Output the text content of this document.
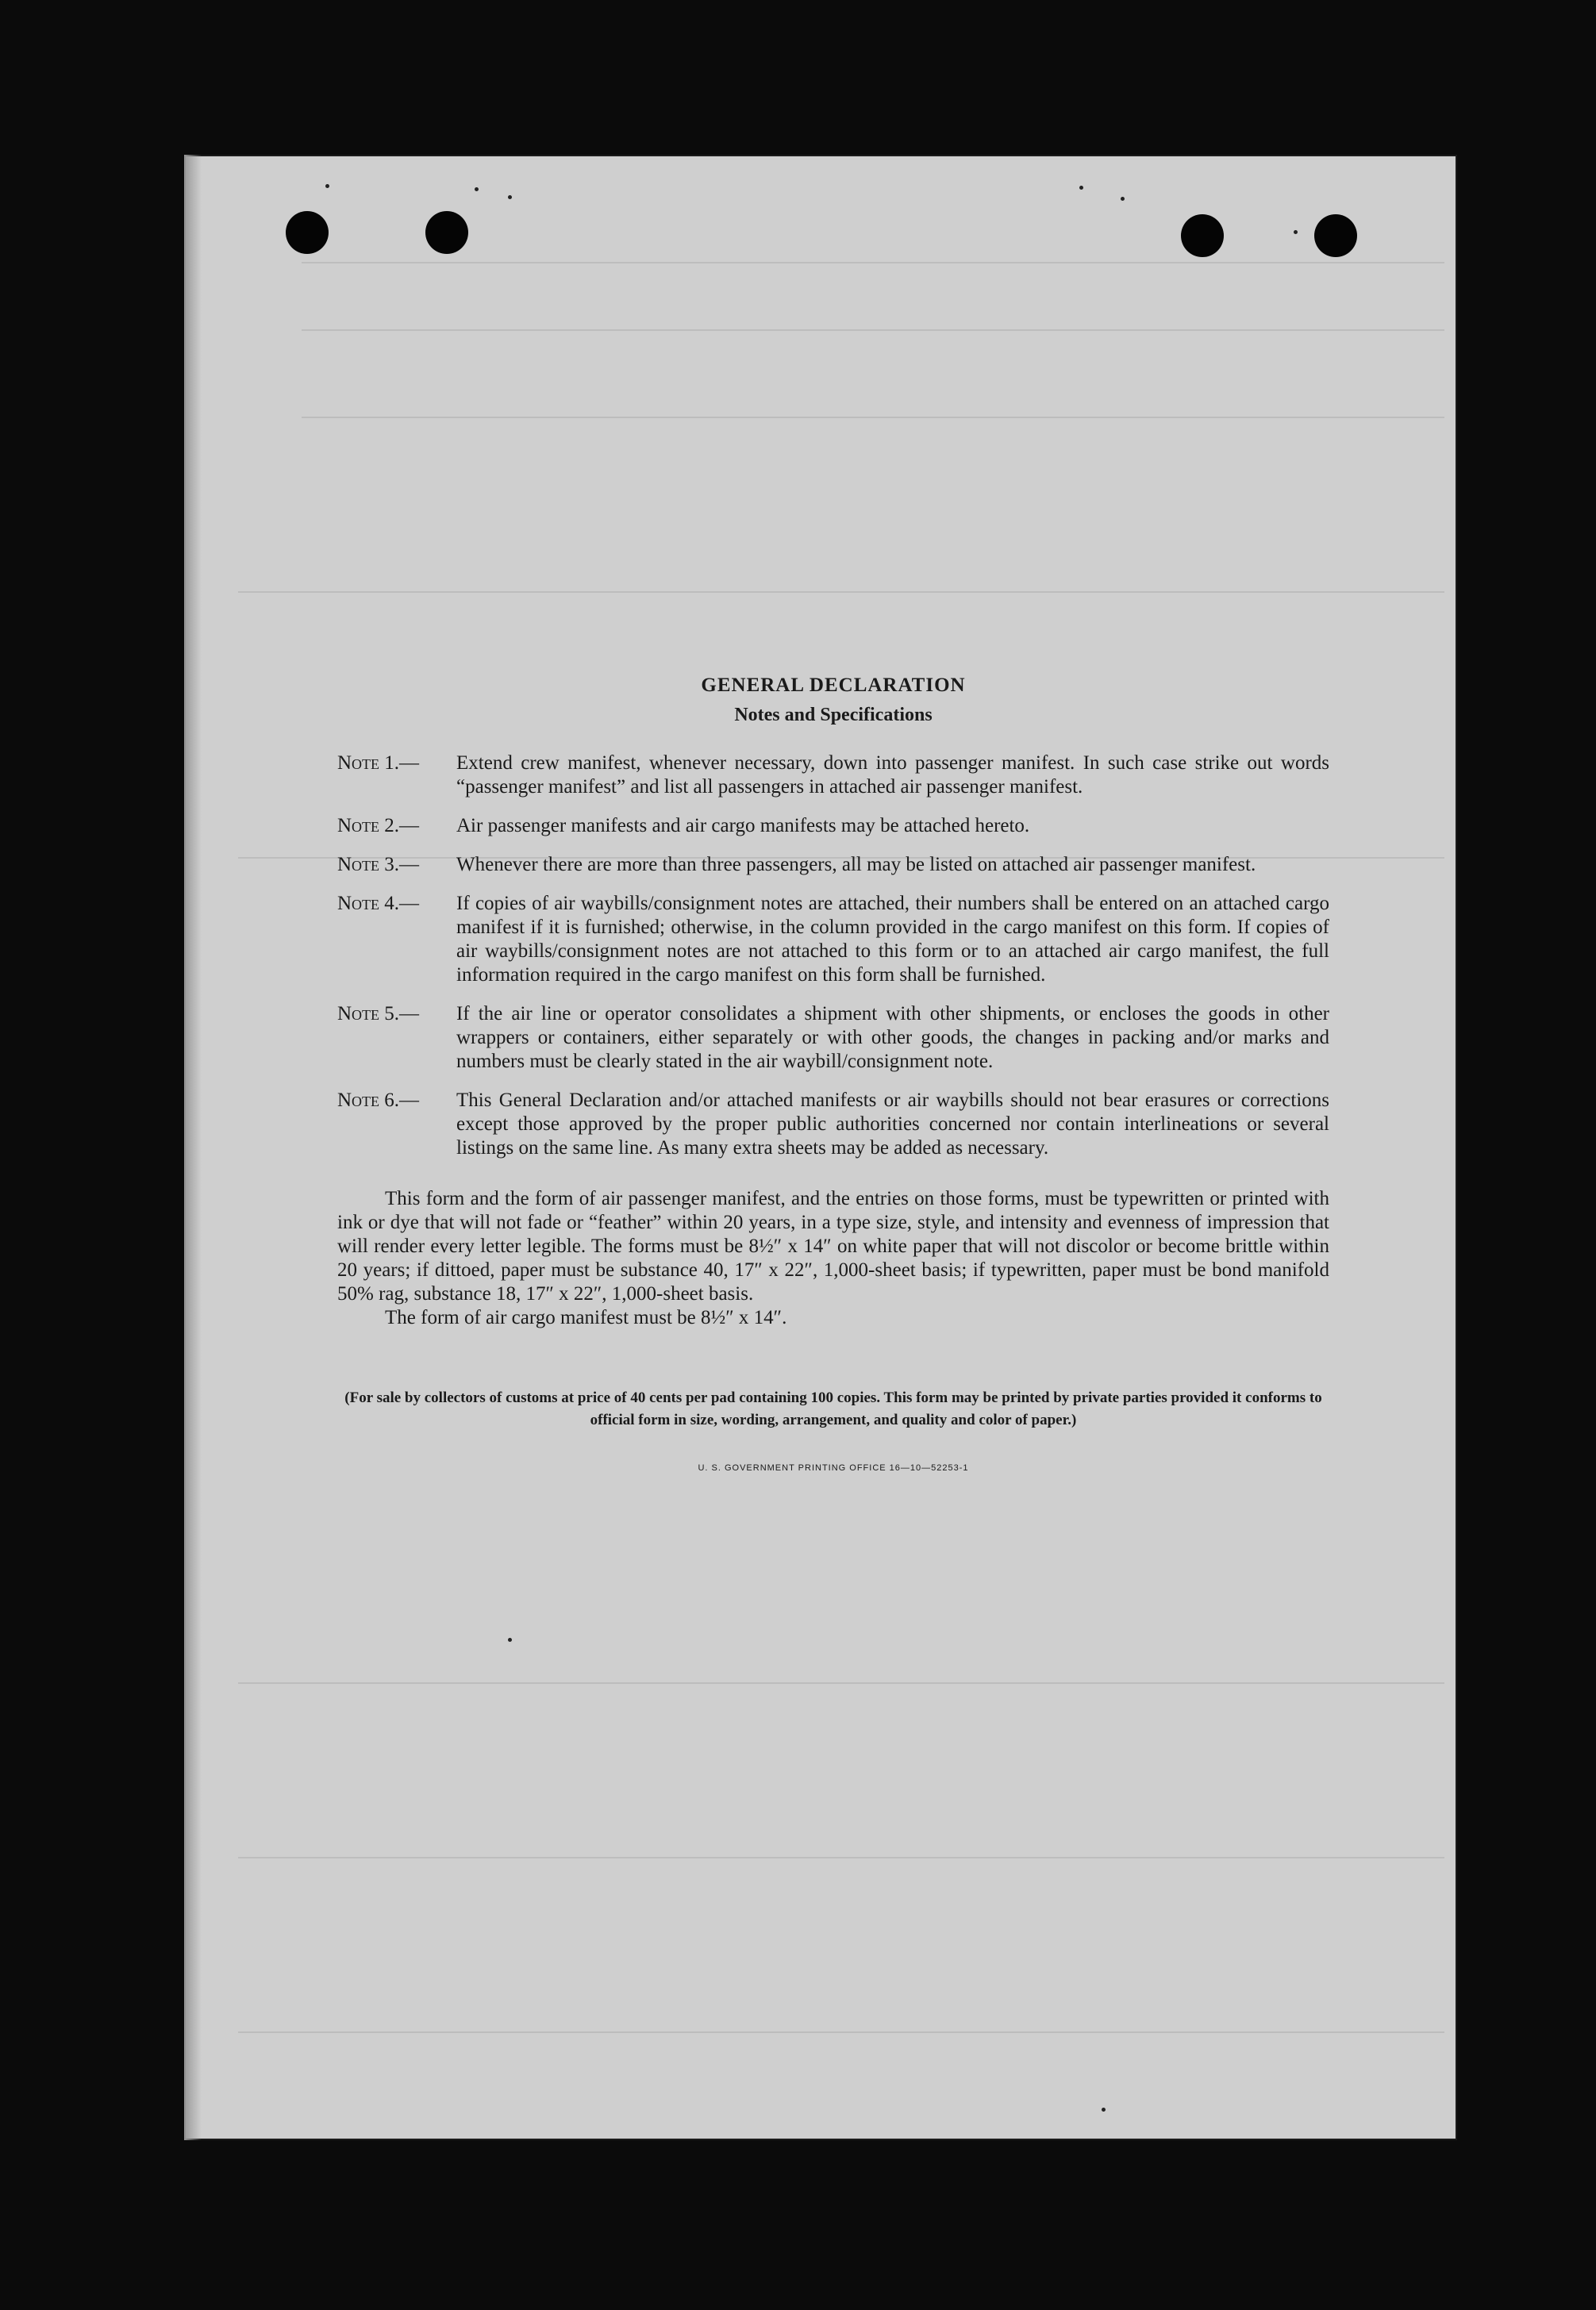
GENERAL DECLARATION
Notes and Specifications
Note 1.— Extend crew manifest, whenever necessary, down into passenger manifest. In such case strike out words “passenger manifest” and list all passengers in attached air passenger manifest.
Note 2.— Air passenger manifests and air cargo manifests may be attached hereto.
Note 3.— Whenever there are more than three passengers, all may be listed on attached air passenger manifest.
Note 4.— If copies of air waybills/consignment notes are attached, their numbers shall be entered on an attached cargo manifest if it is furnished; otherwise, in the column provided in the cargo manifest on this form. If copies of air waybills/consignment notes are not attached to this form or to an attached air cargo manifest, the full information required in the cargo manifest on this form shall be furnished.
Note 5.— If the air line or operator consolidates a shipment with other shipments, or encloses the goods in other wrappers or containers, either separately or with other goods, the changes in packing and/or marks and numbers must be clearly stated in the air waybill/consignment note.
Note 6.— This General Declaration and/or attached manifests or air waybills should not bear erasures or corrections except those approved by the proper public authorities concerned nor contain interlineations or several listings on the same line. As many extra sheets may be added as necessary.
This form and the form of air passenger manifest, and the entries on those forms, must be typewritten or printed with ink or dye that will not fade or “feather” within 20 years, in a type size, style, and intensity and evenness of impression that will render every letter legible. The forms must be 8½″ x 14″ on white paper that will not discolor or become brittle within 20 years; if dittoed, paper must be substance 40, 17″ x 22″, 1,000-sheet basis; if typewritten, paper must be bond manifold 50% rag, substance 18, 17″ x 22″, 1,000-sheet basis.
The form of air cargo manifest must be 8½″ x 14″.
(For sale by collectors of customs at price of 40 cents per pad containing 100 copies. This form may be printed by private parties provided it conforms to official form in size, wording, arrangement, and quality and color of paper.)
U. S. GOVERNMENT PRINTING OFFICE 16—10—52253-1
